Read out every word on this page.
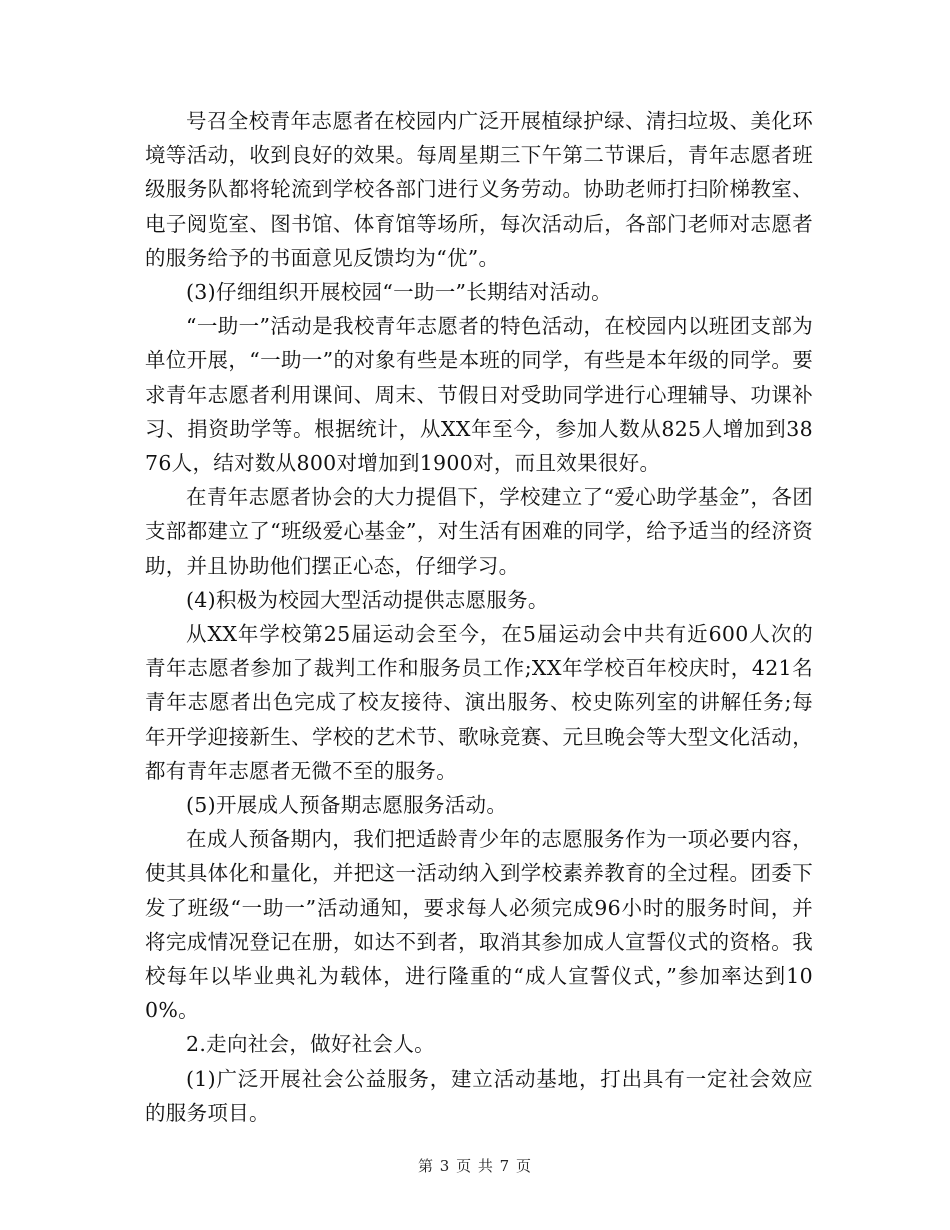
号召全校青年志愿者在校园内广泛开展植绿护绿、清扫垃圾、美化环境等活动，收到良好的效果。每周星期三下午第二节课后，青年志愿者班级服务队都将轮流到学校各部门进行义务劳动。协助老师打扫阶梯教室、电子阅览室、图书馆、体育馆等场所，每次活动后，各部门老师对志愿者的服务给予的书面意见反馈均为“优”。

(3)仔细组织开展校园“一助一”长期结对活动。

“一助一”活动是我校青年志愿者的特色活动，在校园内以班团支部为单位开展，“一助一”的对象有些是本班的同学，有些是本年级的同学。要求青年志愿者利用课间、周末、节假日对受助同学进行心理辅导、功课补习、捐资助学等。根据统计，从XX年至今，参加人数从825人增加到3876人，结对数从800对增加到1900对，而且效果很好。

在青年志愿者协会的大力提倡下，学校建立了“爱心助学基金”，各团支部都建立了“班级爱心基金”，对生活有困难的同学，给予适当的经济资助，并且协助他们摆正心态，仔细学习。

(4)积极为校园大型活动提供志愿服务。

从XX年学校第25届运动会至今，在5届运动会中共有近600人次的青年志愿者参加了裁判工作和服务员工作;XX年学校百年校庆时，421名青年志愿者出色完成了校友接待、演出服务、校史陈列室的讲解任务;每年开学迎接新生、学校的艺术节、歌咏竞赛、元旦晚会等大型文化活动，都有青年志愿者无微不至的服务。

(5)开展成人预备期志愿服务活动。

在成人预备期内，我们把适龄青少年的志愿服务作为一项必要内容，使其具体化和量化，并把这一活动纳入到学校素养教育的全过程。团委下发了班级“一助一”活动通知，要求每人必须完成96小时的服务时间，并将完成情况登记在册，如达不到者，取消其参加成人宣誓仪式的资格。我校每年以毕业典礼为载体，进行隆重的“成人宣誓仪式，”参加率达到100%。

2.走向社会，做好社会人。

(1)广泛开展社会公益服务，建立活动基地，打出具有一定社会效应的服务项目。

第 3 页 共 7 页
